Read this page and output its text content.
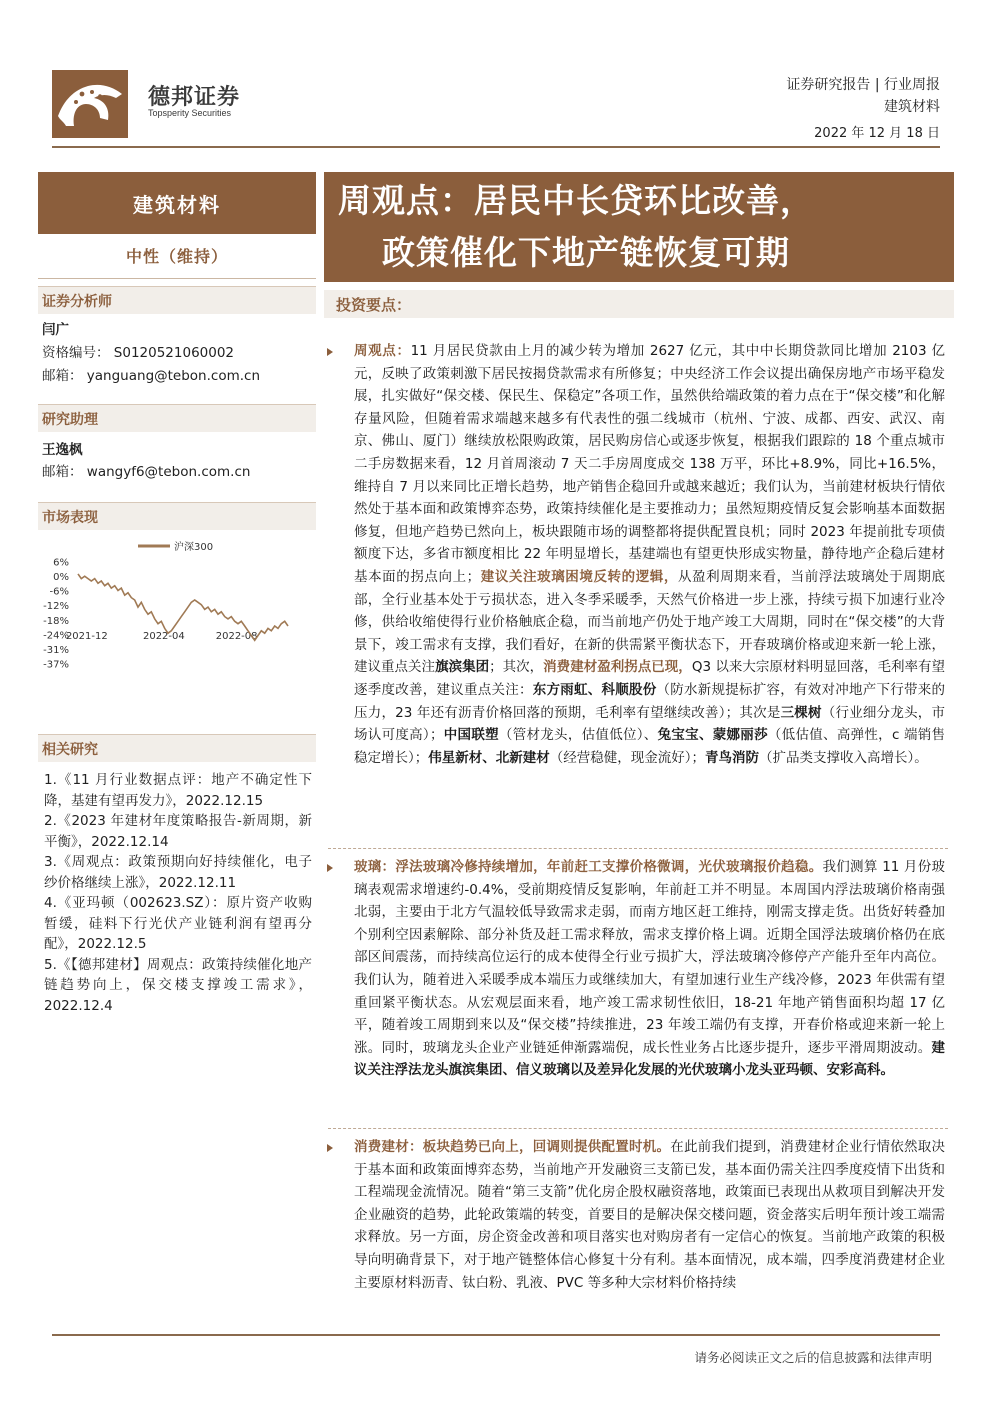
德邦证券
Topsperity Securities
证券研究报告 | 行业周报
建筑材料
2022 年 12 月 18 日
建筑材料
中性（维持）
证券分析师
闫广
资格编号： S0120521060002
邮箱： yanguang@tebon.com.cn
研究助理
王逸枫
邮箱： wangyf6@tebon.com.cn
市场表现
沪深300
6%
0%
-6%
-12%
-18%
-24%
-31%
-37%
2021-12	2022-04	2022-08
相关研究
1.《11 月行业数据点评：地产不确定性下降，基建有望再发力》，2022.12.15
2.《2023 年建材年度策略报告-新周期，新平衡》，2022.12.14
3.《周观点：政策预期向好持续催化，电子纱价格继续上涨》，2022.12.11
4.《亚玛顿（002623.SZ）：原片资产收购暂缓，硅料下行光伏产业链利润有望再分配》，2022.12.5
5.《【德邦建材】周观点：政策持续催化地产链趋势向上，保交楼支撑竣工需求》，2022.12.4
周观点：居民中长贷环比改善，
政策催化下地产链恢复可期
投资要点：

周观点：11 月居民贷款由上月的减少转为增加 2627 亿元，其中中长期贷款同比增加 2103 亿元，反映了政策刺激下居民按揭贷款需求有所修复；中央经济工作会议提出确保房地产市场平稳发展，扎实做好“保交楼、保民生、保稳定”各项工作，虽然供给端政策的着力点在于“保交楼”和化解存量风险，但随着需求端越来越多有代表性的强二线城市（杭州、宁波、成都、西安、武汉、南京、佛山、厦门）继续放松限购政策，居民购房信心或逐步恢复，根据我们跟踪的 18 个重点城市二手房数据来看，12 月首周滚动 7 天二手房周度成交 138 万平，环比+8.9%，同比+16.5%，维持自 7 月以来同比正增长趋势，地产销售企稳回升或越来越近；我们认为，当前建材板块行情依然处于基本面和政策博弈态势，政策持续催化是主要推动力；虽然短期疫情反复会影响基本面数据修复，但地产趋势已然向上，板块跟随市场的调整都将提供配置良机；同时 2023 年提前批专项债额度下达，多省市额度相比 22 年明显增长，基建端也有望更快形成实物量，静待地产企稳后建材基本面的拐点向上；建议关注玻璃困境反转的逻辑，从盈利周期来看，当前浮法玻璃处于周期底部，全行业基本处于亏损状态，进入冬季采暖季，天然气价格进一步上涨，持续亏损下加速行业冷修，供给收缩使得行业价格触底企稳，而当前地产仍处于地产竣工大周期，同时在“保交楼”的大背景下，竣工需求有支撑，我们看好，在新的供需紧平衡状态下，开春玻璃价格或迎来新一轮上涨，建议重点关注旗滨集团；其次，消费建材盈利拐点已现，Q3 以来大宗原材料明显回落，毛利率有望逐季度改善，建议重点关注：东方雨虹、科顺股份（防水新规提标扩容，有效对冲地产下行带来的压力，23 年还有沥青价格回落的预期，毛利率有望继续改善）；其次是三棵树（行业细分龙头，市场认可度高）；中国联塑（管材龙头，估值低位）、兔宝宝、蒙娜丽莎（低估值、高弹性，c 端销售稳定增长）；伟星新材、北新建材（经营稳健，现金流好）；青鸟消防（扩品类支撑收入高增长）。

玻璃：浮法玻璃冷修持续增加，年前赶工支撑价格微调，光伏玻璃报价趋稳。我们测算 11 月份玻璃表观需求增速约-0.4%，受前期疫情反复影响，年前赶工并不明显。本周国内浮法玻璃价格南强北弱，主要由于北方气温较低导致需求走弱，而南方地区赶工维持，刚需支撑走货。出货好转叠加个别利空因素解除、部分补货及赶工需求释放，需求支撑价格上调。近期全国浮法玻璃价格仍在底部区间震荡，而持续高位运行的成本使得全行业亏损扩大，浮法玻璃冷修停产产能升至年内高位。我们认为，随着进入采暖季成本端压力或继续加大，有望加速行业生产线冷修，2023 年供需有望重回紧平衡状态。从宏观层面来看，地产竣工需求韧性依旧，18-21 年地产销售面积均超 17 亿平，随着竣工周期到来以及“保交楼”持续推进，23 年竣工端仍有支撑，开春价格或迎来新一轮上涨。同时，玻璃龙头企业产业链延伸渐露端倪，成长性业务占比逐步提升，逐步平滑周期波动。建议关注浮法龙头旗滨集团、信义玻璃以及差异化发展的光伏玻璃小龙头亚玛顿、安彩高科。

消费建材：板块趋势已向上，回调则提供配置时机。在此前我们提到，消费建材企业行情依然取决于基本面和政策面博弈态势，当前地产开发融资三支箭已发，基本面仍需关注四季度疫情下出货和工程端现金流情况。随着“第三支箭”优化房企股权融资落地，政策面已表现出从救项目到解决开发企业融资的趋势，此轮政策端的转变，首要目的是解决保交楼问题，资金落实后明年预计竣工端需求释放。另一方面，房企资金改善和项目落实也对购房者有一定信心的恢复。当前地产政策的积极导向明确背景下，对于地产链整体信心修复十分有利。基本面情况，成本端，四季度消费建材企业主要原材料沥青、钛白粉、乳液、PVC 等多种大宗材料价格持续

请务必阅读正文之后的信息披露和法律声明
